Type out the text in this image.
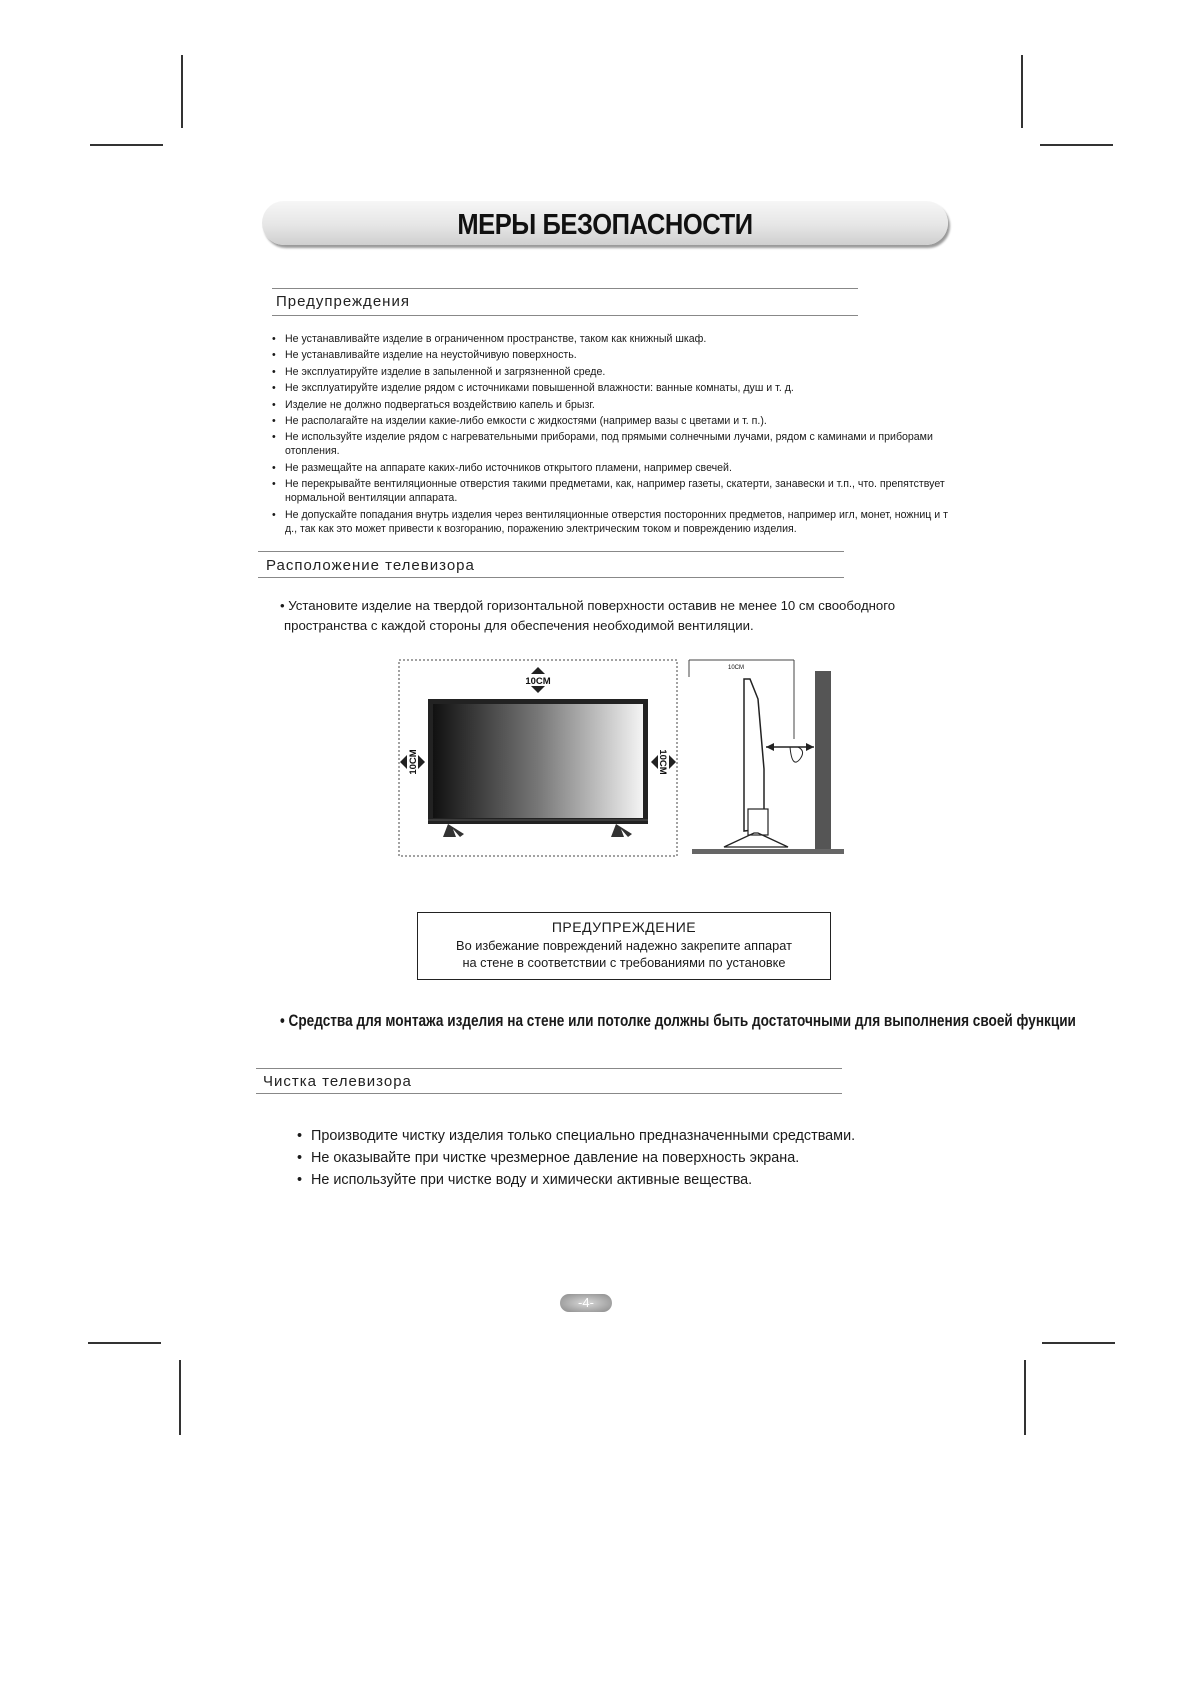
МЕРЫ БЕЗОПАСНОСТИ
Предупреждения
• Не устанавливайте изделие в ограниченном пространстве, таком как книжный шкаф.
• Не устанавливайте изделие на неустойчивую поверхность.
• Не эксплуатируйте изделие в запыленной и загрязненной среде.
• Не эксплуатируйте изделие рядом с источниками повышенной влажности: ванные комнаты, душ и т. д.
• Изделие не должно подвергаться воздействию капель и брызг.
• Не располагайте на изделии какие-либо емкости с жидкостями (например вазы с цветами и т. п.).
• Не используйте изделие рядом с нагревательными приборами, под прямыми солнечными лучами, рядом с каминами и приборами отопления.
• Не размещайте на аппарате каких-либо источников открытого пламени, например свечей.
• Не перекрывайте вентиляционные отверстия такими предметами, как, например газеты, скатерти, занавески и т.п., что. препятствует нормальной вентиляции аппарата.
• Не допускайте попадания внутрь изделия через вентиляционные отверстия посторонних предметов, например игл, монет, ножниц и т д., так как это может привести к возгоранию, поражению электрическим током и повреждению изделия.
Расположение телевизора
• Установите изделие на твердой горизонтальной поверхности оставив не менее 10 см своободного
пространства с каждой стороны для обеспечения необходимой вентиляции.
10CM
10CM	10CM
10CM
ПРЕДУПРЕЖДЕНИЕ
Во избежание повреждений надежно закрепите аппарат
на стене в соответствии с требованиями по установке
• Средства для монтажа изделия на стене или потолке должны быть достаточными для выполнения своей функции
Чистка телевизора
• Производите чистку изделия только специально предназначенными средствами.
• Не оказывайте при чистке чрезмерное давление на поверхность экрана.
• Не используйте при чистке воду и химически активные вещества.
-4-
